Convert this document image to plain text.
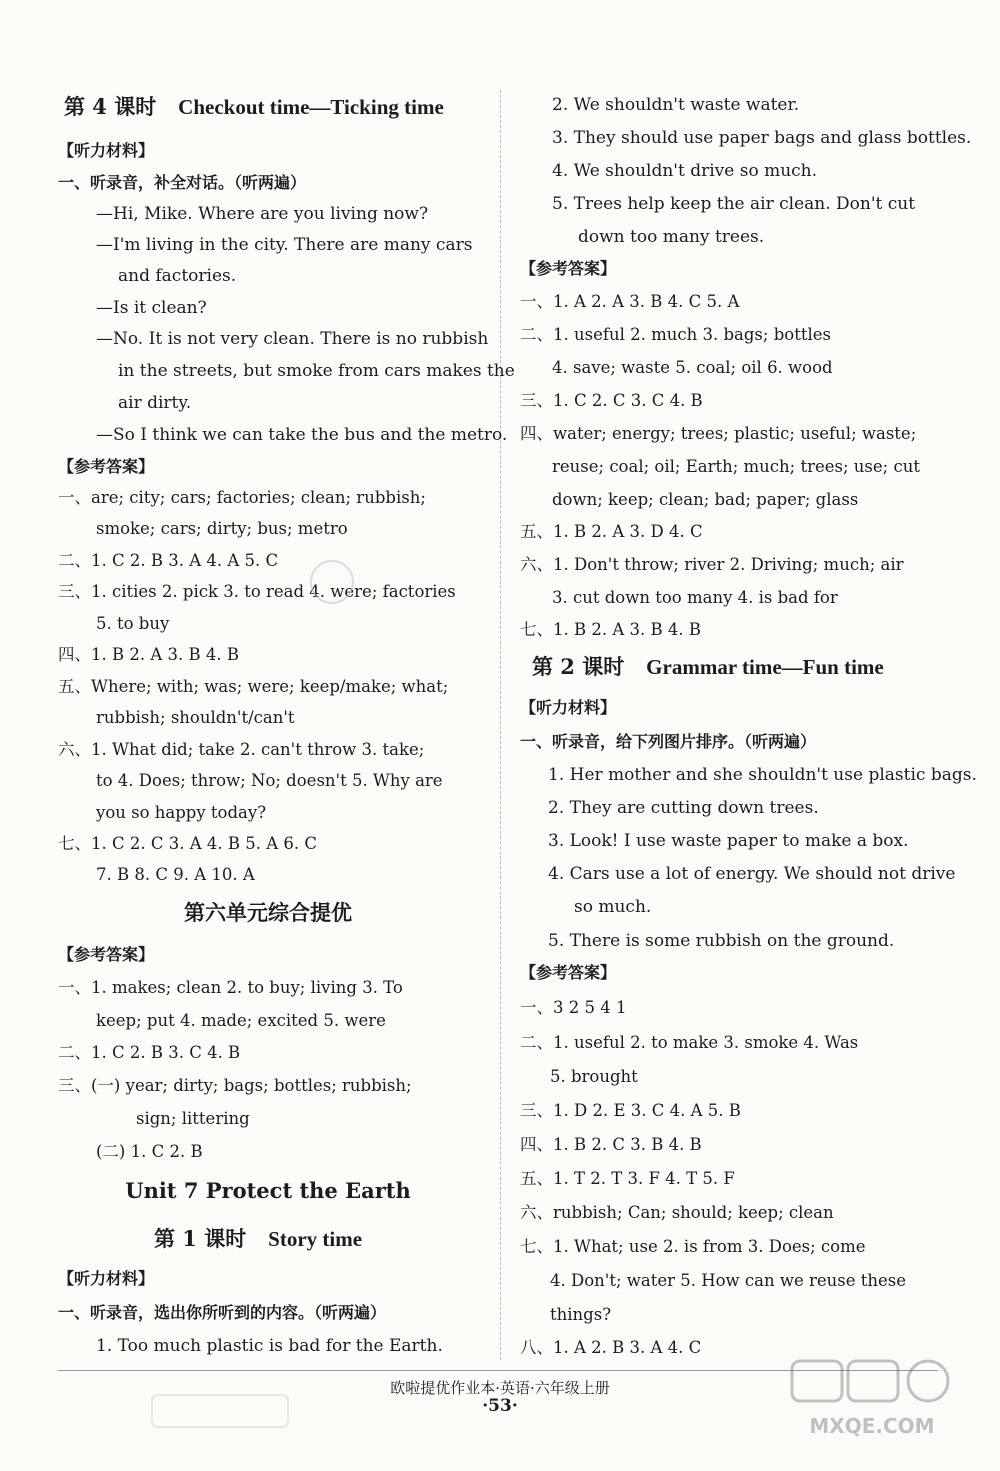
第 4 课时 Checkout time—Ticking time
【听力材料】
一、听录音，补全对话。（听两遍）
—Hi, Mike. Where are you living now?
—I'm living in the city. There are many cars
and factories.
—Is it clean?
—No. It is not very clean. There is no rubbish
in the streets, but smoke from cars makes the
air dirty.
—So I think we can take the bus and the metro.
【参考答案】
一、are; city; cars; factories; clean; rubbish;
smoke; cars; dirty; bus; metro
二、1. C 2. B 3. A 4. A 5. C
三、1. cities 2. pick 3. to read 4. were; factories
5. to buy
四、1. B 2. A 3. B 4. B
五、Where; with; was; were; keep/make; what;
rubbish; shouldn't/can't
六、1. What did; take 2. can't throw 3. take;
to 4. Does; throw; No; doesn't 5. Why are
you so happy today?
七、1. C 2. C 3. A 4. B 5. A 6. C
7. B 8. C 9. A 10. A
第六单元综合提优
【参考答案】
一、1. makes; clean 2. to buy; living 3. To
keep; put 4. made; excited 5. were
二、1. C 2. B 3. C 4. B
三、(一) year; dirty; bags; bottles; rubbish;
sign; littering
(二) 1. C 2. B
Unit 7 Protect the Earth
第 1 课时 Story time
【听力材料】
一、听录音，选出你所听到的内容。（听两遍）
1. Too much plastic is bad for the Earth.
2. We shouldn't waste water.
3. They should use paper bags and glass bottles.
4. We shouldn't drive so much.
5. Trees help keep the air clean. Don't cut
down too many trees.
【参考答案】
一、1. A 2. A 3. B 4. C 5. A
二、1. useful 2. much 3. bags; bottles
4. save; waste 5. coal; oil 6. wood
三、1. C 2. C 3. C 4. B
四、water; energy; trees; plastic; useful; waste;
reuse; coal; oil; Earth; much; trees; use; cut
down; keep; clean; bad; paper; glass
五、1. B 2. A 3. D 4. C
六、1. Don't throw; river 2. Driving; much; air
3. cut down too many 4. is bad for
七、1. B 2. A 3. B 4. B
第 2 课时 Grammar time—Fun time
【听力材料】
一、听录音，给下列图片排序。（听两遍）
1. Her mother and she shouldn't use plastic bags.
2. They are cutting down trees.
3. Look! I use waste paper to make a box.
4. Cars use a lot of energy. We should not drive
so much.
5. There is some rubbish on the ground.
【参考答案】
一、3 2 5 4 1
二、1. useful 2. to make 3. smoke 4. Was
5. brought
三、1. D 2. E 3. C 4. A 5. B
四、1. B 2. C 3. B 4. B
五、1. T 2. T 3. F 4. T 5. F
六、rubbish; Can; should; keep; clean
七、1. What; use 2. is from 3. Does; come
4. Don't; water 5. How can we reuse these
things?
八、1. A 2. B 3. A 4. C
欧啦提优作业本·英语·六年级上册
·53·
MXQE.COM
